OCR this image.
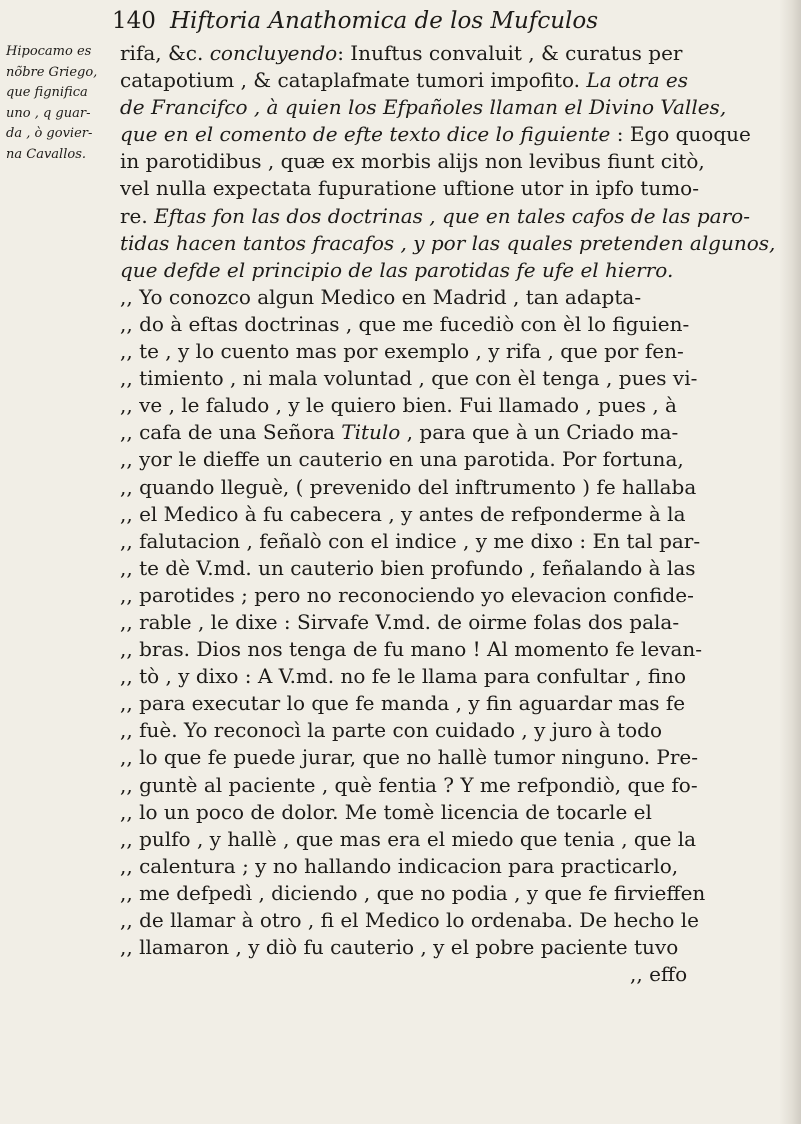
140 Hiftoria Anathomica de los Mufculos
Hipocamo es
nõbre Griego,
que fignifica
uno , q guar-
da , ò govier-
na Cavallos.
rifa, &c. concluyendo: Inuftus convaluit , & curatus per
catapotium , & cataplafmate tumori impofito. La otra es
de Francifco , à quien los Efpañoles llaman el Divino Valles,
que en el comento de efte texto dice lo figuiente : Ego quoque
in parotidibus , quæ ex morbis alijs non levibus fiunt citò,
vel nulla expectata fupuratione uftione utor in ipfo tumo-
re. Eftas fon las dos doctrinas , que en tales cafos de las paro-
tidas hacen tantos fracafos , y por las quales pretenden algunos,
que defde el principio de las parotidas fe ufe el hierro.
,, Yo conozco algun Medico en Madrid , tan adapta-
,, do à eftas doctrinas , que me fucediò con èl lo figuien-
,, te , y lo cuento mas por exemplo , y rifa , que por fen-
,, timiento , ni mala voluntad , que con èl tenga , pues vi-
,, ve , le faludo , y le quiero bien. Fui llamado , pues , à
,, cafa de una Señora Titulo , para que à un Criado ma-
,, yor le dieffe un cauterio en una parotida. Por fortuna,
,, quando lleguè, ( prevenido del inftrumento ) fe hallaba
,, el Medico à fu cabecera , y antes de refponderme à la
,, falutacion , feñalò con el indice , y me dixo : En tal par-
,, te dè V.md. un cauterio bien profundo , feñalando à las
,, parotides ; pero no reconociendo yo elevacion confide-
,, rable , le dixe : Sirvafe V.md. de oirme folas dos pala-
,, bras. Dios nos tenga de fu mano ! Al momento fe levan-
,, tò , y dixo : A V.md. no fe le llama para confultar , fino
,, para executar lo que fe manda , y fin aguardar mas fe
,, fuè. Yo reconocì la parte con cuidado , y juro à todo
,, lo que fe puede jurar, que no hallè tumor ninguno. Pre-
,, guntè al paciente , què fentia ? Y me refpondiò, que fo-
,, lo un poco de dolor. Me tomè licencia de tocarle el
,, pulfo , y hallè , que mas era el miedo que tenia , que la
,, calentura ; y no hallando indicacion para practicarlo,
,, me defpedì , diciendo , que no podia , y que fe firvieffen
,, de llamar à otro , fi el Medico lo ordenaba. De hecho le
,, llamaron , y diò fu cauterio , y el pobre paciente tuvo
,, effo
